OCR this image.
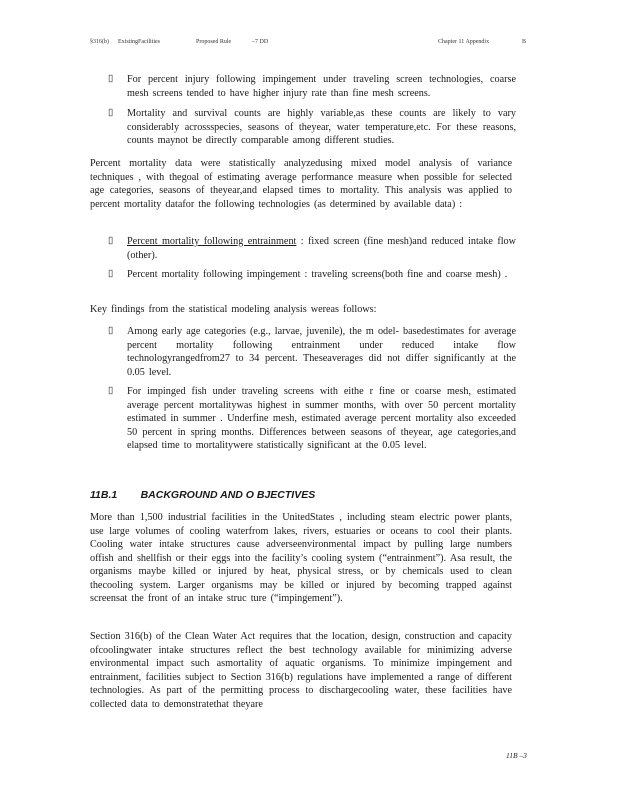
§316(b) ExistingFacilities	Proposed Rule	–7 DD	Chapter 11 Appendix	B
▯	For percent injury following impingement under traveling screen technologies, coarse mesh screens tended to have higher injury rate than fine mesh screens.
▯	Mortality and survival counts are highly variable,as these counts are likely to vary considerably acrossspecies, seasons of theyear, water temperature,etc. For these reasons, counts maynot be directly comparable among different studies.
Percent mortality data were statistically analyzedusing mixed model analysis of variance techniques , with thegoal of estimating average performance measure when possible for selected age categories, seasons of theyear,and elapsed times to mortality. This analysis was applied to percent mortality datafor the following technologies (as determined by available data) :
▯	Percent mortality following entrainment : fixed screen (fine mesh)and reduced intake flow (other).
▯	Percent mortality following impingement : traveling screens(both fine and coarse mesh) .
Key findings from the statistical modeling analysis wereas follows:
▯	Among early age categories (e.g., larvae, juvenile), the m odel- basedestimates for average percent mortality following entrainment under reduced intake flow technologyrangedfrom27 to 34 percent. Theseaverages did not differ significantly at the 0.05 level.
▯	For impinged fish under traveling screens with eithe r fine or coarse mesh, estimated average percent mortalitywas highest in summer months, with over 50 percent mortality estimated in summer . Underfine mesh, estimated average percent mortality also exceeded 50 percent in spring months. Differences between seasons of theyear, age categories,and elapsed time to mortalitywere statistically significant at the 0.05 level.
11B.1 BACKGROUND AND O BJECTIVES
More than 1,500 industrial facilities in the UnitedStates , including steam electric power plants, use large volumes of cooling waterfrom lakes, rivers, estuaries or oceans to cool their plants. Cooling water intake structures cause adverseenvironmental impact by pulling large numbers offish and shellfish or their eggs into the facility’s cooling system (“entrainment”). Asa result, the organisms maybe killed or injured by heat, physical stress, or by chemicals used to clean thecooling system. Larger organisms may be killed or injured by becoming trapped against screensat the front of an intake struc ture (“impingement”).
Section 316(b) of the Clean Water Act requires that the location, design, construction and capacity ofcoolingwater intake structures reflect the best technology available for minimizing adverse environmental impact such asmortality of aquatic organisms. To minimize impingement and entrainment, facilities subject to Section 316(b) regulations have implemented a range of different technologies. As part of the permitting process to dischargecooling water, these facilities have collected data to demonstratethat theyare
11B –3
